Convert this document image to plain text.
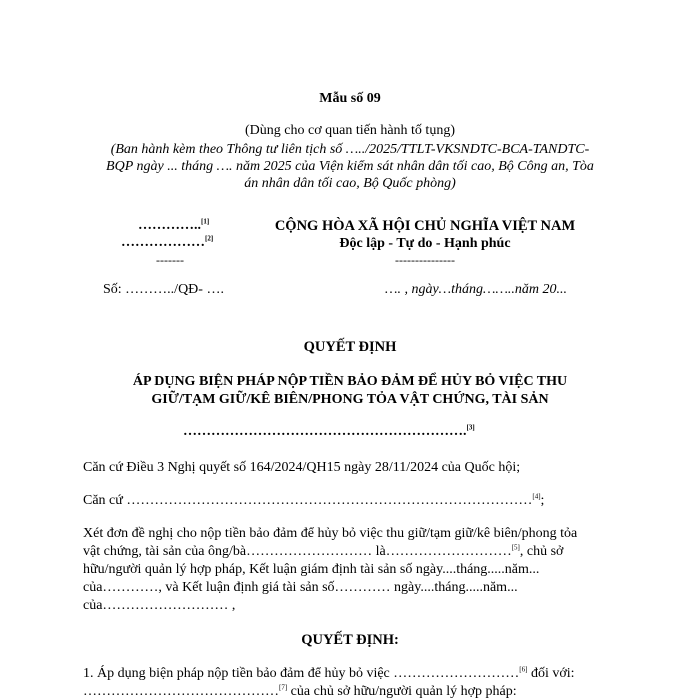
Mẫu số 09
(Dùng cho cơ quan tiến hành tố tụng)
(Ban hành kèm theo Thông tư liên tịch số …../2025/TTLT-VKSNDTC-BCA-TANDTC-
BQP ngày ... tháng …. năm 2025 của Viện kiểm sát nhân dân tối cao, Bộ Công an, Tòa
án nhân dân tối cao, Bộ Quốc phòng)
…………..[1]
………………[2]
-------
Số: ………../QĐ- ….
CỘNG HÒA XÃ HỘI CHỦ NGHĨA VIỆT NAM
Độc lập - Tự do - Hạnh phúc
---------------
…. , ngày…tháng……..năm 20...
QUYẾT ĐỊNH
ÁP DỤNG BIỆN PHÁP NỘP TIỀN BẢO ĐẢM ĐỂ HỦY BỎ VIỆC THU
GIỮ/TẠM GIỮ/KÊ BIÊN/PHONG TỎA VẬT CHỨNG, TÀI SẢN
…………………………………………………….[3]
Căn cứ Điều 3 Nghị quyết số 164/2024/QH15 ngày 28/11/2024 của Quốc hội;
Căn cứ ……………………………………………………………………………[4];
Xét đơn đề nghị cho nộp tiền bảo đảm để hủy bỏ việc thu giữ/tạm giữ/kê biên/phong tỏa
vật chứng, tài sản của ông/bà……………………… là………………………[5], chủ sở
hữu/người quản lý hợp pháp, Kết luận giám định tài sản số ngày....tháng.....năm...
của…………, và Kết luận định giá tài sản số………… ngày....tháng.....năm...
của……………………… ,
QUYẾT ĐỊNH:
1. Áp dụng biện pháp nộp tiền bảo đảm để hủy bỏ việc ………………………[6] đối với:
……………………………………[7] của chủ sở hữu/người quản lý hợp pháp:
